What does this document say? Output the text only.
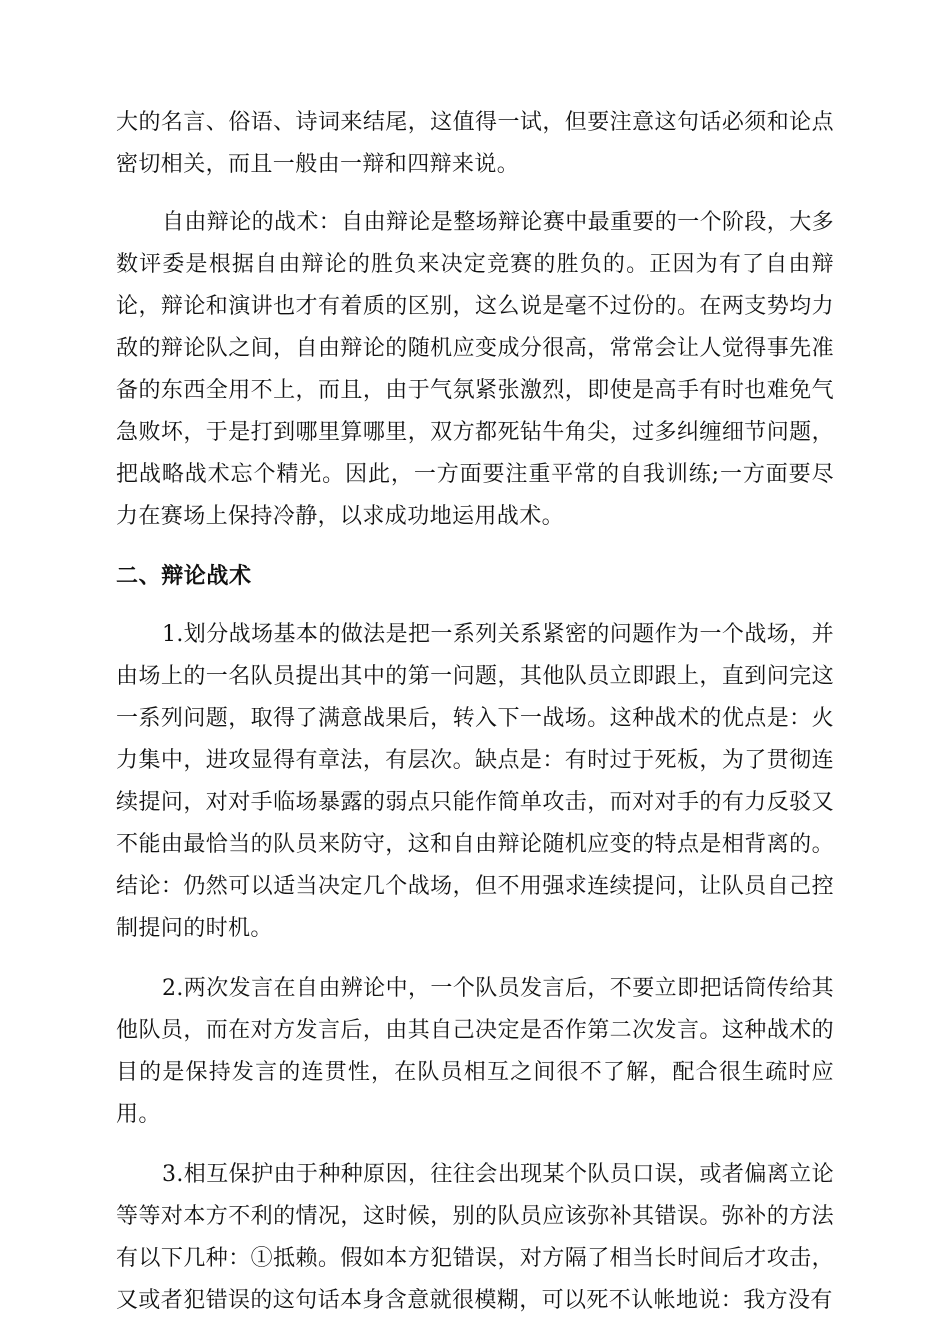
大的名言、俗语、诗词来结尾，这值得一试，但要注意这句话必须和论点密切相关，而且一般由一辩和四辩来说。

自由辩论的战术：自由辩论是整场辩论赛中最重要的一个阶段，大多数评委是根据自由辩论的胜负来决定竞赛的胜负的。正因为有了自由辩论，辩论和演讲也才有着质的区别，这么说是毫不过份的。在两支势均力敌的辩论队之间，自由辩论的随机应变成分很高，常常会让人觉得事先准备的东西全用不上，而且，由于气氛紧张激烈，即使是高手有时也难免气急败坏，于是打到哪里算哪里，双方都死钻牛角尖，过多纠缠细节问题，把战略战术忘个精光。因此，一方面要注重平常的自我训练;一方面要尽力在赛场上保持冷静，以求成功地运用战术。

二、辩论战术

1.划分战场基本的做法是把一系列关系紧密的问题作为一个战场，并由场上的一名队员提出其中的第一问题，其他队员立即跟上，直到问完这一系列问题，取得了满意战果后，转入下一战场。这种战术的优点是：火力集中，进攻显得有章法，有层次。缺点是：有时过于死板，为了贯彻连续提问，对对手临场暴露的弱点只能作简单攻击，而对对手的有力反驳又不能由最恰当的队员来防守，这和自由辩论随机应变的特点是相背离的。结论：仍然可以适当决定几个战场，但不用强求连续提问，让队员自己控制提问的时机。

2.两次发言在自由辨论中，一个队员发言后，不要立即把话筒传给其他队员，而在对方发言后，由其自己决定是否作第二次发言。这种战术的目的是保持发言的连贯性，在队员相互之间很不了解，配合很生疏时应用。

3.相互保护由于种种原因，往往会出现某个队员口误，或者偏离立论等等对本方不利的情况，这时候，别的队员应该弥补其错误。弥补的方法有以下几种：①抵赖。假如本方犯错误，对方隔了相当长时间后才攻击，又或者犯错误的这句话本身含意就很模糊，可以死不认帐地说：我方没有
